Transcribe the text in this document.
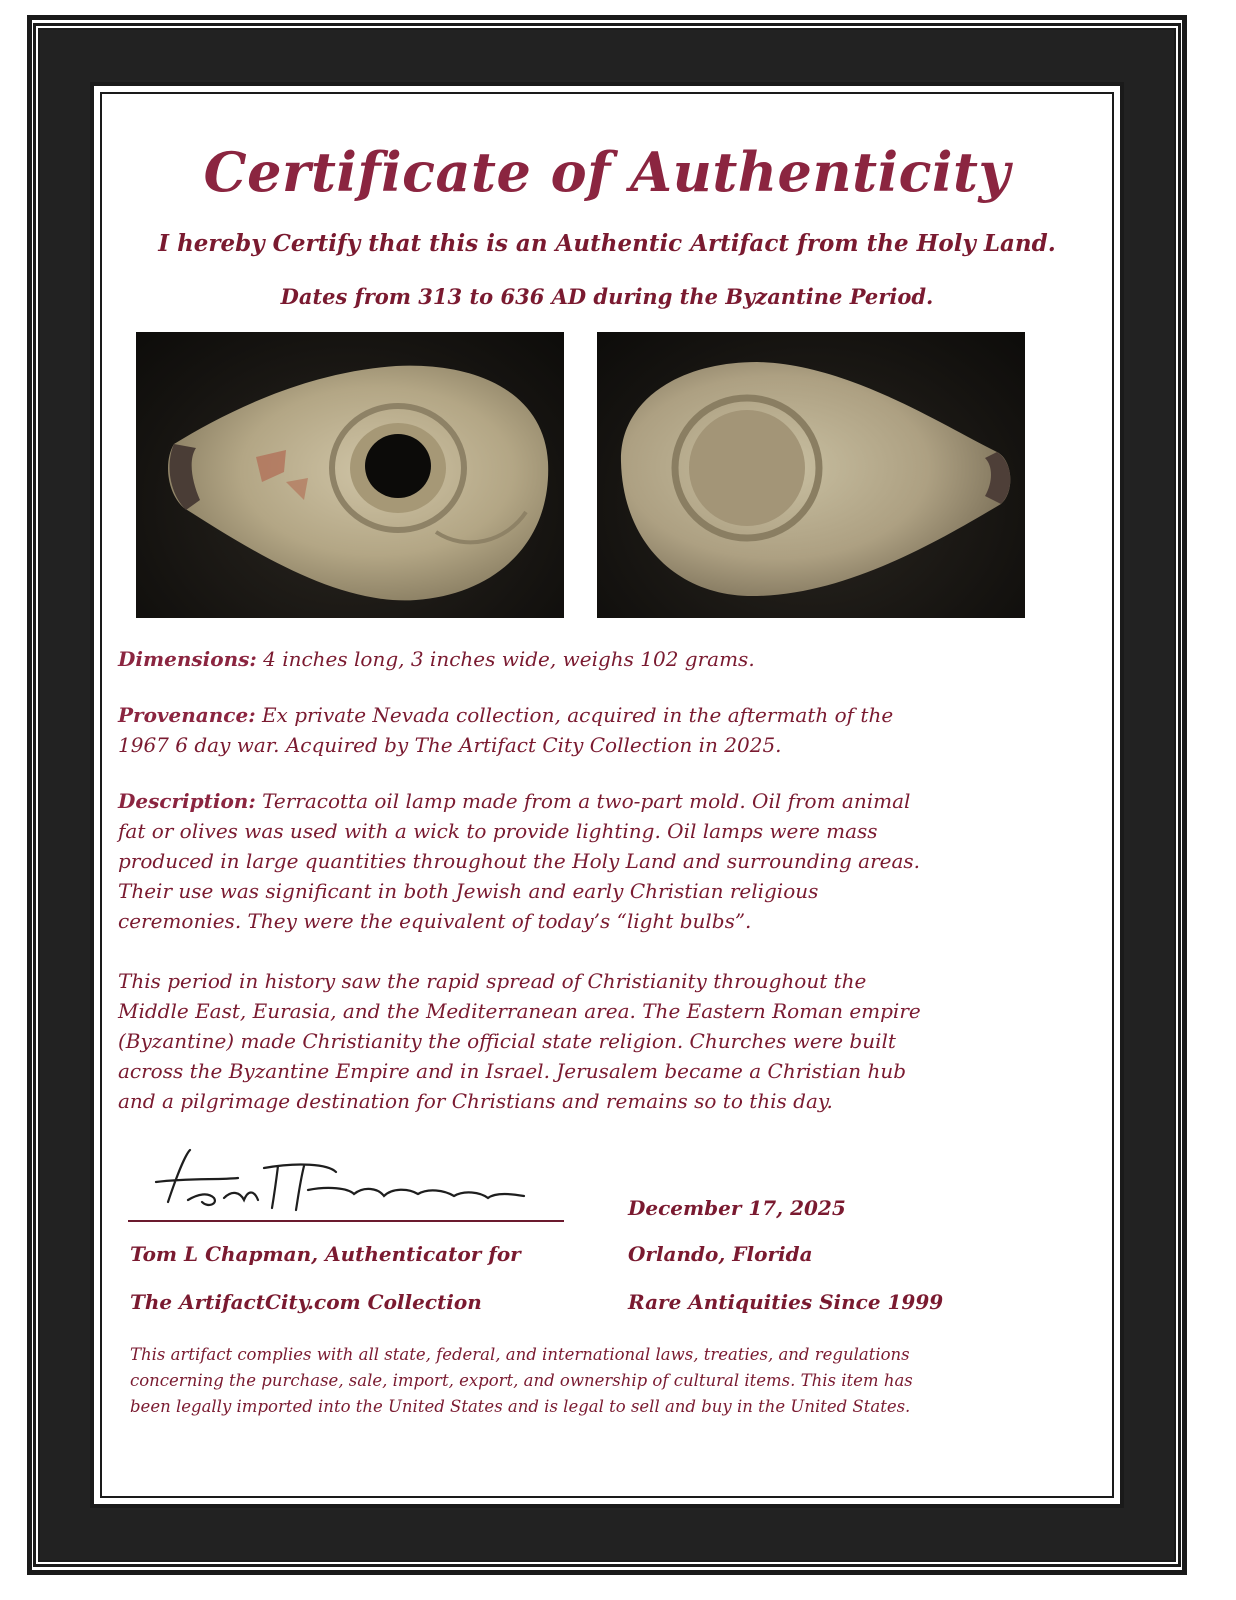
Certificate of Authenticity
I hereby Certify that this is an Authentic Artifact from the Holy Land.
Dates from 313 to 636 AD during the Byzantine Period.
Dimensions: 4 inches long, 3 inches wide, weighs 102 grams.
Provenance: Ex private Nevada collection, acquired in the aftermath of the
1967 6 day war. Acquired by The Artifact City Collection in 2025.
Description: Terracotta oil lamp made from a two-part mold. Oil from animal
fat or olives was used with a wick to provide lighting. Oil lamps were mass
produced in large quantities throughout the Holy Land and surrounding areas.
Their use was significant in both Jewish and early Christian religious
ceremonies. They were the equivalent of today’s “light bulbs”.
This period in history saw the rapid spread of Christianity throughout the
Middle East, Eurasia, and the Mediterranean area. The Eastern Roman empire
(Byzantine) made Christianity the official state religion. Churches were built
across the Byzantine Empire and in Israel. Jerusalem became a Christian hub
and a pilgrimage destination for Christians and remains so to this day.
Tom L Chapman, Authenticator for
The ArtifactCity.com Collection
December 17, 2025
Orlando, Florida
Rare Antiquities Since 1999
This artifact complies with all state, federal, and international laws, treaties, and regulations
concerning the purchase, sale, import, export, and ownership of cultural items. This item has
been legally imported into the United States and is legal to sell and buy in the United States.
